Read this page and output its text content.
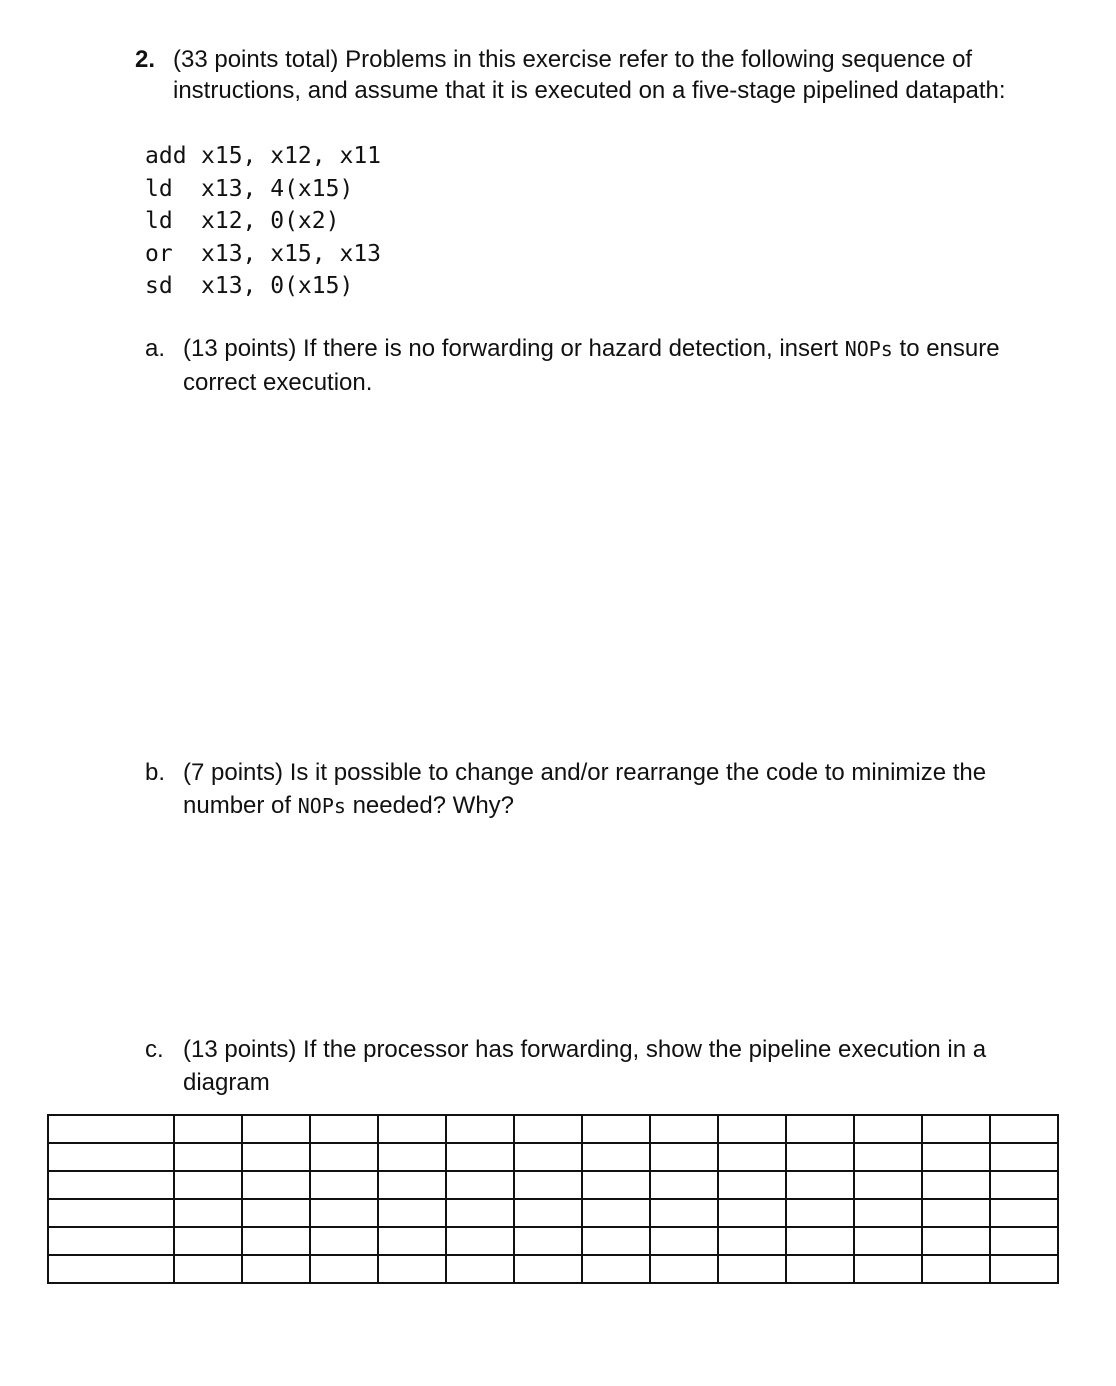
2. (33 points total) Problems in this exercise refer to the following sequence of
instructions, and assume that it is executed on a five-stage pipelined datapath:
add x15, x12, x11
ld	x13, 4(x15)
ld	x12, 0(x2)
or	x13, x15, x13
sd	x13, 0(x15)
a. (13 points) If there is no forwarding or hazard detection, insert NOPs to ensure
correct execution.
b. (7 points) Is it possible to change and/or rearrange the code to minimize the
number of NOPs needed? Why?
c. (13 points) If the processor has forwarding, show the pipeline execution in a
diagram
